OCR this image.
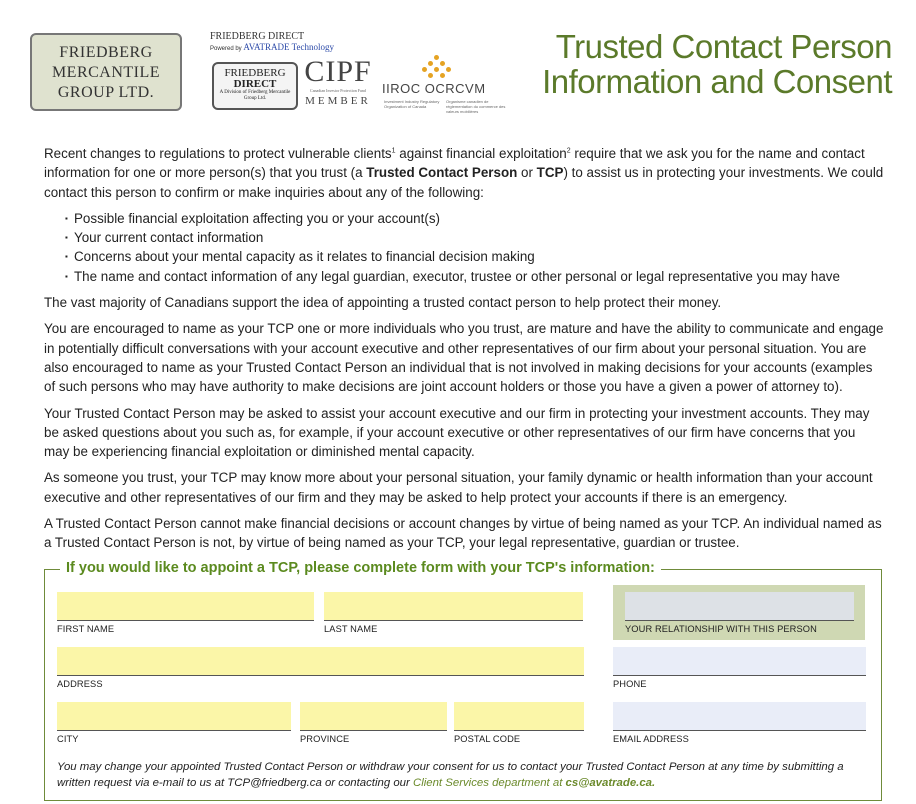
FRIEDBERG
MERCANTILE
GROUP LTD.
FRIEDBERG DIRECT
Powered by AVATRADE Technology
FRIEDBERG
DIRECT
A Division of Friedberg Mercantile Group Ltd.
CIPF
Canadian Investor Protection Fund
MEMBER
IIROC OCRCVM
Investment Industry Regulatory Organization of Canada
Organisme canadien de réglementation du commerce des valeurs mobilières
Trusted Contact Person
Information and Consent

Recent changes to regulations to protect vulnerable clients$^1$ against financial exploitation$^2$ require that we ask you for the name and contact information for one or more person(s) that you trust (a Trusted Contact Person or TCP) to assist us in protecting your investments. We could contact this person to confirm or make inquiries about any of the following:

▪ Possible financial exploitation affecting you or your account(s)
▪ Your current contact information
▪ Concerns about your mental capacity as it relates to financial decision making
▪ The name and contact information of any legal guardian, executor, trustee or other personal or legal representative you may have

The vast majority of Canadians support the idea of appointing a trusted contact person to help protect their money.

You are encouraged to name as your TCP one or more individuals who you trust, are mature and have the ability to communicate and engage in potentially difficult conversations with your account executive and other representatives of our firm about your personal situation. You are also encouraged to name as your Trusted Contact Person an individual that is not involved in making decisions for your accounts (examples of such persons who may have authority to make decisions are joint account holders or those you have a given a power of attorney to).

Your Trusted Contact Person may be asked to assist your account executive and our firm in protecting your investment accounts. They may be asked questions about you such as, for example, if your account executive or other representatives of our firm have concerns that you may be experiencing financial exploitation or diminished mental capacity.

As someone you trust, your TCP may know more about your personal situation, your family dynamic or health information than your account executive and other representatives of our firm and they may be asked to help protect your accounts if there is an emergency.

A Trusted Contact Person cannot make financial decisions or account changes by virtue of being named as your TCP. An individual named as a Trusted Contact Person is not, by virtue of being named as your TCP, your legal representative, guardian or trustee.

If you would like to appoint a TCP, please complete form with your TCP's information:
FIRST NAME	LAST NAME	YOUR RELATIONSHIP WITH THIS PERSON
ADDRESS	PHONE
CITY	PROVINCE	POSTAL CODE	EMAIL ADDRESS
You may change your appointed Trusted Contact Person or withdraw your consent for us to contact your Trusted Contact Person at any time by submitting a written request via e-mail to us at TCP@friedberg.ca or contacting our Client Services department at cs@avatrade.ca.
